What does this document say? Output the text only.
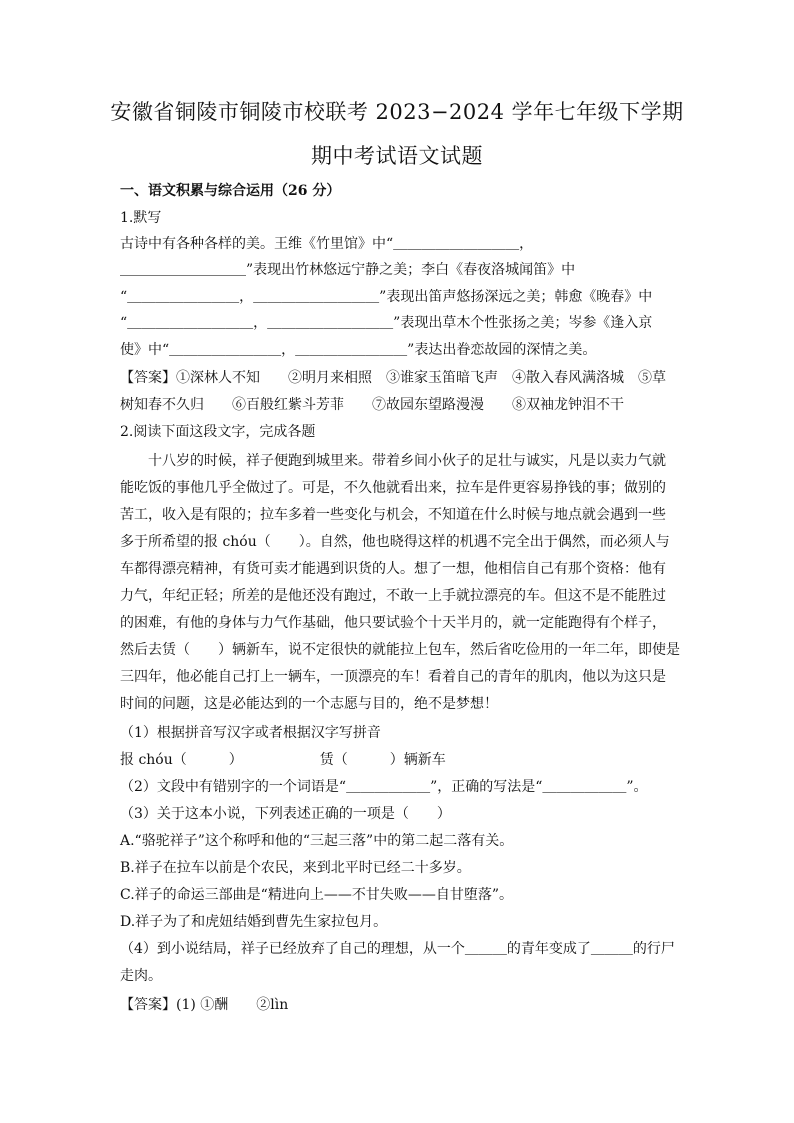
安徽省铜陵市铜陵市校联考 2023−2024 学年七年级下学期
期中考试语文试题
一、语文积累与综合运用（26 分）
1.默写
古诗中有各种各样的美。王维《竹里馆》中“＿＿＿＿＿＿＿＿＿，
＿＿＿＿＿＿＿＿＿”表现出竹林悠远宁静之美；李白《春夜洛城闻笛》中
“＿＿＿＿＿＿＿＿，＿＿＿＿＿＿＿＿＿”表现出笛声悠扬深远之美；韩愈《晚春》中
“＿＿＿＿＿＿＿＿＿，＿＿＿＿＿＿＿＿＿”表现出草木个性张扬之美；岑参《逢入京
使》中“＿＿＿＿＿＿＿＿，＿＿＿＿＿＿＿＿”表达出眷恋故园的深情之美。
【答案】①深林人不知　　②明月来相照　③谁家玉笛暗飞声　④散入春风满洛城　⑤草
树知春不久归　　⑥百般红紫斗芳菲　　⑦故园东望路漫漫　　⑧双袖龙钟泪不干
2.阅读下面这段文字，完成各题
十八岁的时候，祥子便跑到城里来。带着乡间小伙子的足壮与诚实，凡是以卖力气就
能吃饭的事他几乎全做过了。可是，不久他就看出来，拉车是件更容易挣钱的事；做别的
苦工，收入是有限的；拉车多着一些变化与机会，不知道在什么时候与地点就会遇到一些
多于所希望的报 chóu（　　）。自然，他也晓得这样的机遇不完全出于偶然，而必须人与
车都得漂亮精神，有货可卖才能遇到识货的人。想了一想，他相信自己有那个资格：他有
力气，年纪正轻；所差的是他还没有跑过，不敢一上手就拉漂亮的车。但这不是不能胜过
的困难，有他的身体与力气作基础，他只要试验个十天半月的，就一定能跑得有个样子，
然后去赁（　　）辆新车，说不定很快的就能拉上包车，然后省吃俭用的一年二年，即使是
三四年，他必能自己打上一辆车，一顶漂亮的车！看着自己的青年的肌肉，他以为这只是
时间的问题，这是必能达到的一个志愿与目的，绝不是梦想！
（1）根据拼音写汉字或者根据汉字写拼音
报 chóu（　　　）　　　　　　赁（　　　）辆新车
（2）文段中有错别字的一个词语是“＿＿＿＿＿＿”，正确的写法是“＿＿＿＿＿＿”。
（3）关于这本小说，下列表述正确的一项是（　　）
A.“骆驼祥子”这个称呼和他的“三起三落”中的第二起二落有关。
B.祥子在拉车以前是个农民，来到北平时已经二十多岁。
C.祥子的命运三部曲是“精进向上——不甘失败——自甘堕落”。
D.祥子为了和虎妞结婚到曹先生家拉包月。
（4）到小说结局，祥子已经放弃了自己的理想，从一个＿＿＿的青年变成了＿＿＿的行尸
走肉。
【答案】(1) ①酬　　②lìn
